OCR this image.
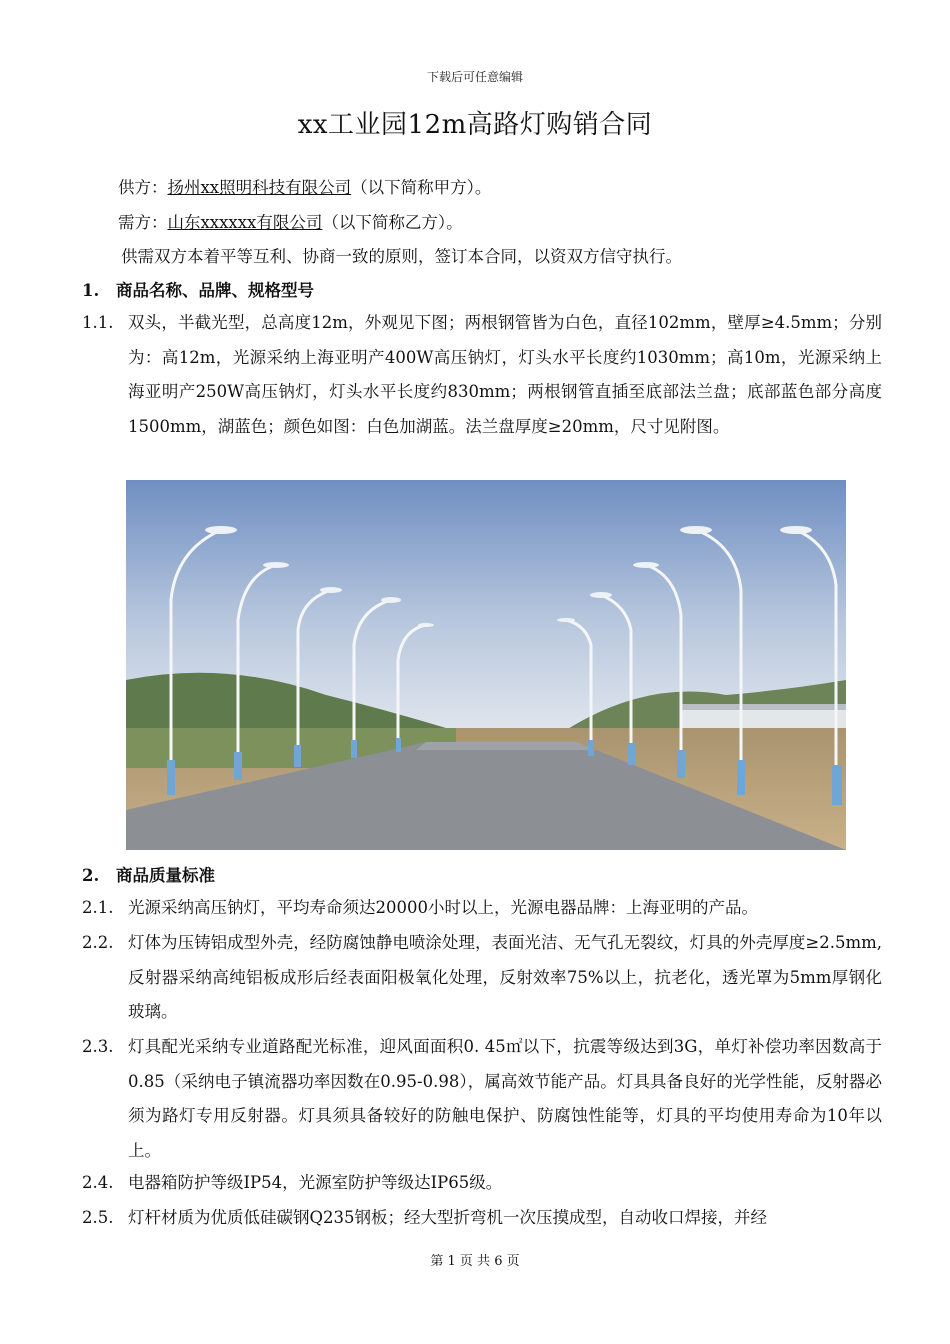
下载后可任意编辑
xx工业园12m高路灯购销合同
供方：扬州xx照明科技有限公司（以下简称甲方）。
需方：山东xxxxxx有限公司（以下简称乙方）。
供需双方本着平等互利、协商一致的原则，签订本合同，以资双方信守执行。
1. 商品名称、品牌、规格型号
1.1. 双头，半截光型，总高度12m，外观见下图；两根钢管皆为白色，直径102mm，壁厚≥4.5mm；分别为：高12m，光源采纳上海亚明产400W高压钠灯，灯头水平长度约1030mm；高10m，光源采纳上海亚明产250W高压钠灯，灯头水平长度约830mm；两根钢管直插至底部法兰盘；底部蓝色部分高度1500mm，湖蓝色；颜色如图：白色加湖蓝。法兰盘厚度≥20mm，尺寸见附图。
2. 商品质量标准
2.1. 光源采纳高压钠灯，平均寿命须达20000小时以上，光源电器品牌：上海亚明的产品。
2.2. 灯体为压铸铝成型外壳，经防腐蚀静电喷涂处理，表面光洁、无气孔无裂纹，灯具的外壳厚度≥2.5mm,反射器采纳高纯铝板成形后经表面阳极氧化处理，反射效率75%以上，抗老化，透光罩为5mm厚钢化玻璃。
2.3. 灯具配光采纳专业道路配光标准，迎风面面积0. 45㎡以下，抗震等级达到3G，单灯补偿功率因数高于0.85（采纳电子镇流器功率因数在0.95-0.98），属高效节能产品。灯具具备良好的光学性能，反射器必须为路灯专用反射器。灯具须具备较好的防触电保护、防腐蚀性能等，灯具的平均使用寿命为10年以上。
2.4. 电器箱防护等级IP54，光源室防护等级达IP65级。
2.5. 灯杆材质为优质低硅碳钢Q235钢板；经大型折弯机一次压摸成型，自动收口焊接，并经
第 1 页 共 6 页
